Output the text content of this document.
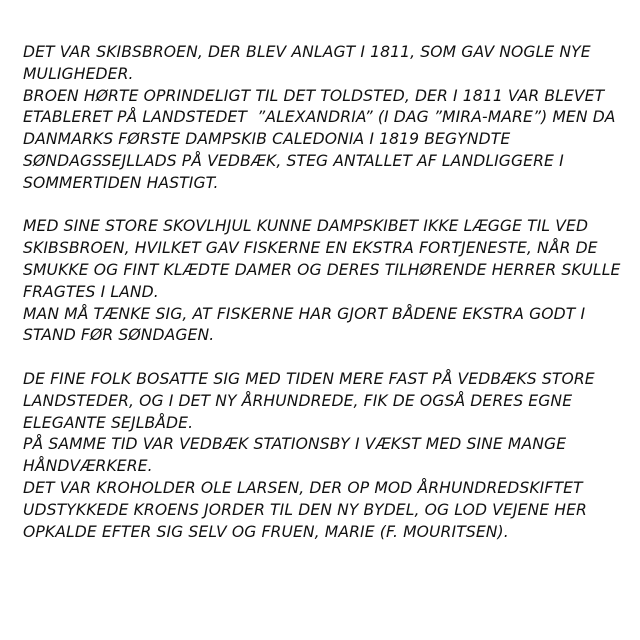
DET VAR SKIBSBROEN, DER BLEV ANLAGT I 1811, SOM GAV NOGLE NYE
MULIGHEDER.
BROEN HØRTE OPRINDELIGT TIL DET TOLDSTED, DER I 1811 VAR BLEVET
ETABLERET PÅ LANDSTEDET  ”ALEXANDRIA” (I DAG ”MIRA-MARE”) MEN DA
DANMARKS FØRSTE DAMPSKIB CALEDONIA I 1819 BEGYNDTE
SØNDAGSSEJLLADS PÅ VEDBÆK, STEG ANTALLET AF LANDLIGGERE I
SOMMERTIDEN HASTIGT.
MED SINE STORE SKOVLHJUL KUNNE DAMPSKIBET IKKE LÆGGE TIL VED
SKIBSBROEN, HVILKET GAV FISKERNE EN EKSTRA FORTJENESTE, NÅR DE
SMUKKE OG FINT KLÆDTE DAMER OG DERES TILHØRENDE HERRER SKULLE
FRAGTES I LAND.
MAN MÅ TÆNKE SIG, AT FISKERNE HAR GJORT BÅDENE EKSTRA GODT I
STAND FØR SØNDAGEN.
DE FINE FOLK BOSATTE SIG MED TIDEN MERE FAST PÅ VEDBÆKS STORE
LANDSTEDER, OG I DET NY ÅRHUNDREDE, FIK DE OGSÅ DERES EGNE
ELEGANTE SEJLBÅDE.
PÅ SAMME TID VAR VEDBÆK STATIONSBY I VÆKST MED SINE MANGE
HÅNDVÆRKERE.
DET VAR KROHOLDER OLE LARSEN, DER OP MOD ÅRHUNDREDSKIFTET
UDSTYKKEDE KROENS JORDER TIL DEN NY BYDEL, OG LOD VEJENE HER
OPKALDE EFTER SIG SELV OG FRUEN, MARIE (F. MOURITSEN).
